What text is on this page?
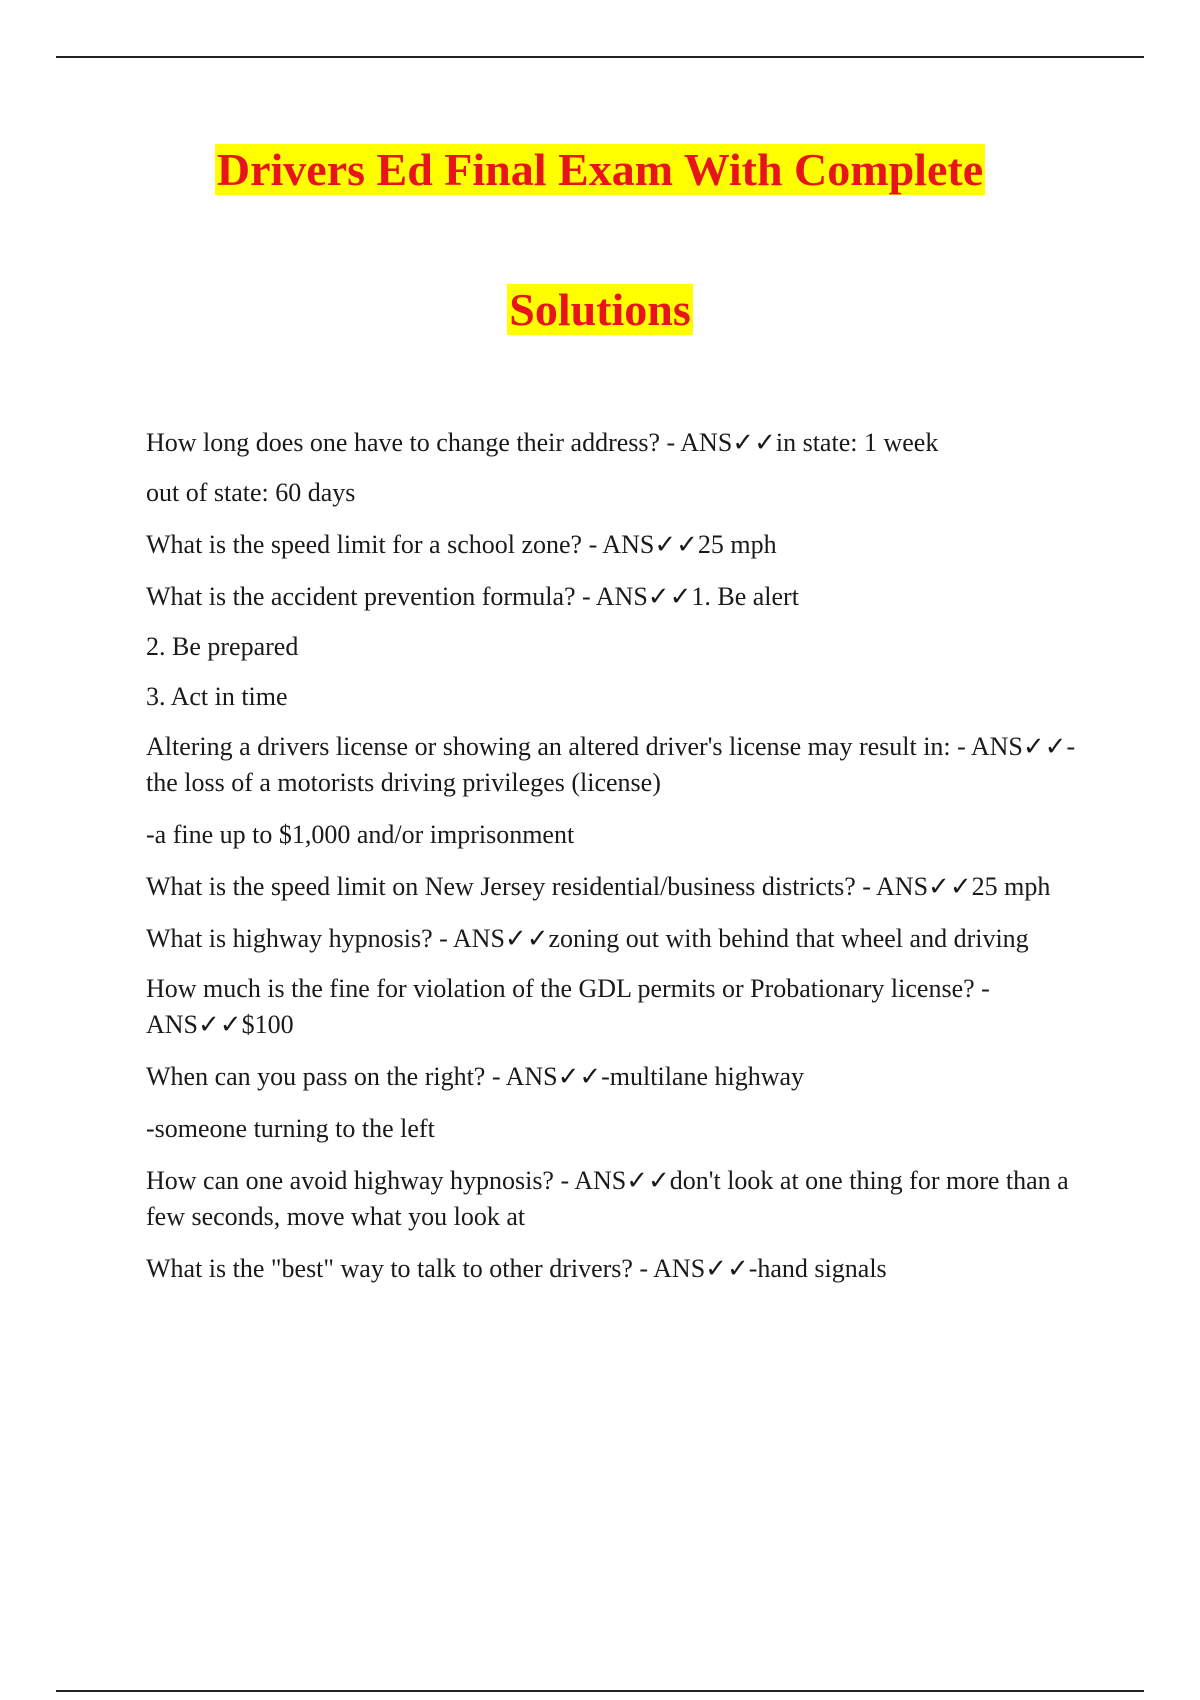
Drivers Ed Final Exam With Complete
Solutions

How long does one have to change their address? - ANS✓✓in state: 1 week

out of state: 60 days

What is the speed limit for a school zone? - ANS✓✓25 mph

What is the accident prevention formula? - ANS✓✓1. Be alert

2. Be prepared

3. Act in time

Altering a drivers license or showing an altered driver's license may result in: - ANS✓✓-the loss of a motorists driving privileges (license)

-a fine up to $1,000 and/or imprisonment

What is the speed limit on New Jersey residential/business districts? - ANS✓✓25 mph

What is highway hypnosis? - ANS✓✓zoning out with behind that wheel and driving

How much is the fine for violation of the GDL permits or Probationary license? - ANS✓✓$100

When can you pass on the right? - ANS✓✓-multilane highway

-someone turning to the left

How can one avoid highway hypnosis? - ANS✓✓don't look at one thing for more than a few seconds, move what you look at

What is the "best" way to talk to other drivers? - ANS✓✓-hand signals
